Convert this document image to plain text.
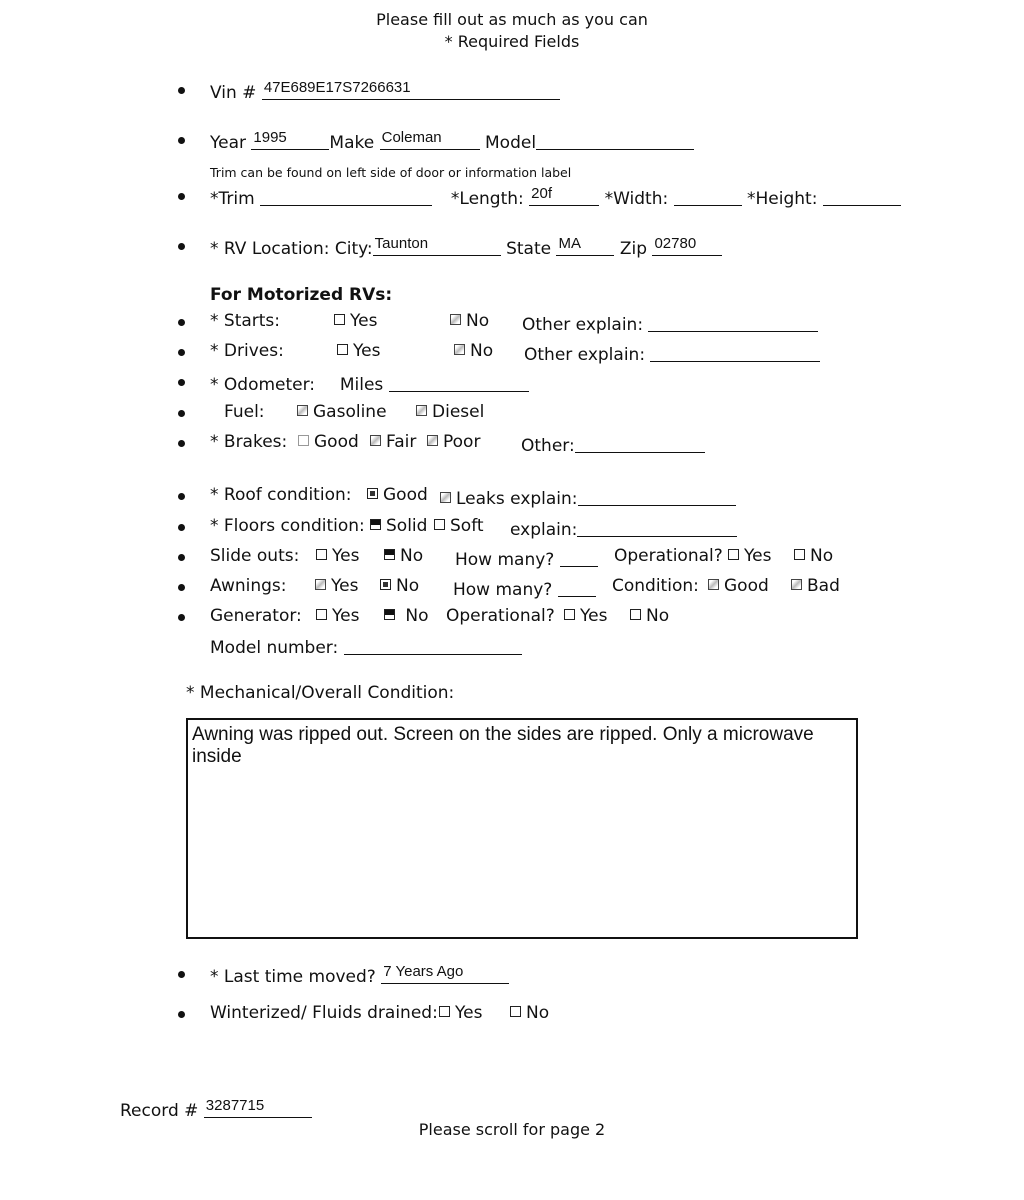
Please fill out as much as you can
* Required Fields
Vin # 47E689E17S7266631
Year 1995	Make Coleman	Model
Trim can be found on left side of door or information label
*Trim	*Length: 20f	*Width:	*Height:
* RV Location: City: Taunton	State MA Zip 02780
For Motorized RVs:
* Starts:	Yes	No Other explain:
* Drives:	Yes	No Other explain:
* Odometer: Miles
Fuel:	Gasoline	Diesel
* Brakes:	Good	Fair	Poor Other:
* Roof condition:	Good	Leaks explain:
* Floors condition:	Solid	Soft explain:
Slide outs:	Yes	No How many?	Operational?	Yes	No
Awnings:	Yes	No How many?	Condition:	Good	Bad
Generator:	Yes	No Operational?	Yes	No
Model number:
* Mechanical/Overall Condition:
Awning was ripped out. Screen on the sides are ripped. Only a microwave inside
* Last time moved? 7 Years Ago
Winterized/ Fluids drained:	Yes	No
Record # 3287715
Please scroll for page 2
